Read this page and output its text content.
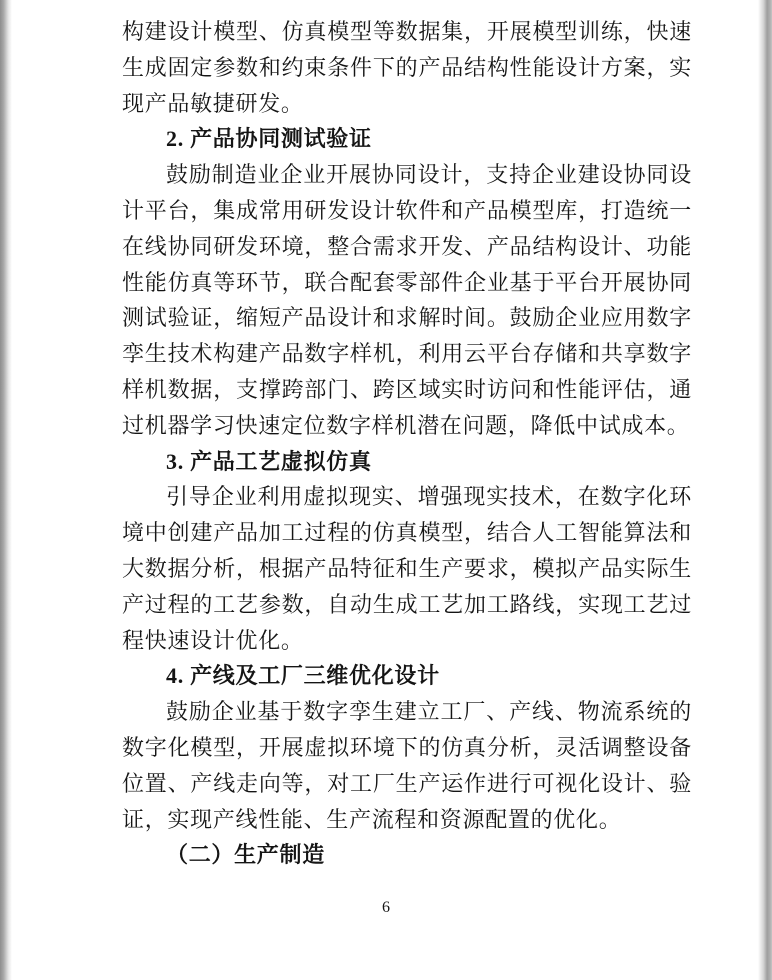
构建设计模型、仿真模型等数据集，开展模型训练，快速生成固定参数和约束条件下的产品结构性能设计方案，实现产品敏捷研发。

2. 产品协同测试验证

鼓励制造业企业开展协同设计，支持企业建设协同设计平台，集成常用研发设计软件和产品模型库，打造统一在线协同研发环境，整合需求开发、产品结构设计、功能性能仿真等环节，联合配套零部件企业基于平台开展协同测试验证，缩短产品设计和求解时间。鼓励企业应用数字孪生技术构建产品数字样机，利用云平台存储和共享数字样机数据，支撑跨部门、跨区域实时访问和性能评估，通过机器学习快速定位数字样机潜在问题，降低中试成本。

3. 产品工艺虚拟仿真

引导企业利用虚拟现实、增强现实技术，在数字化环境中创建产品加工过程的仿真模型，结合人工智能算法和大数据分析，根据产品特征和生产要求，模拟产品实际生产过程的工艺参数，自动生成工艺加工路线，实现工艺过程快速设计优化。

4. 产线及工厂三维优化设计

鼓励企业基于数字孪生建立工厂、产线、物流系统的数字化模型，开展虚拟环境下的仿真分析，灵活调整设备位置、产线走向等，对工厂生产运作进行可视化设计、验证，实现产线性能、生产流程和资源配置的优化。

（二）生产制造
6
